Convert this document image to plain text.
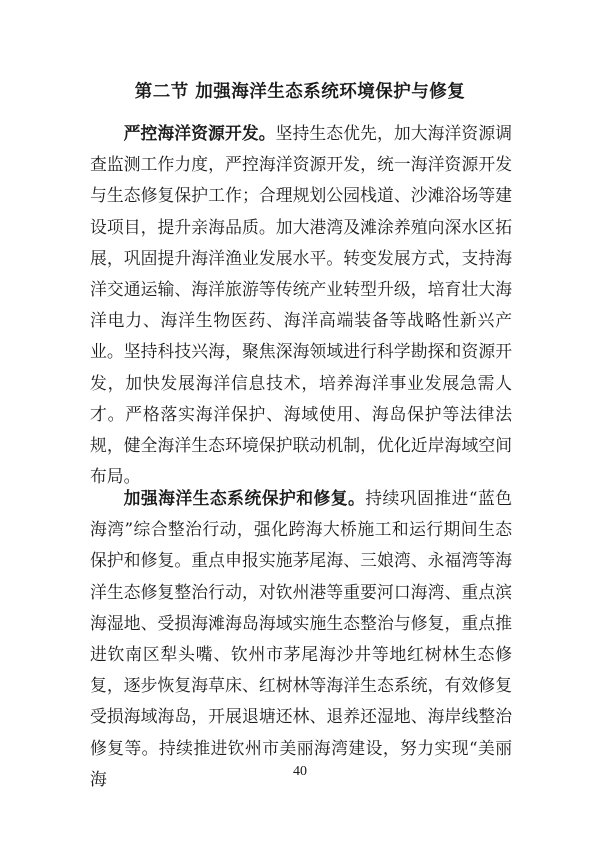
第二节 加强海洋生态系统环境保护与修复

严控海洋资源开发。坚持生态优先，加大海洋资源调查监测工作力度，严控海洋资源开发，统一海洋资源开发与生态修复保护工作；合理规划公园栈道、沙滩浴场等建设项目，提升亲海品质。加大港湾及滩涂养殖向深水区拓展，巩固提升海洋渔业发展水平。转变发展方式，支持海洋交通运输、海洋旅游等传统产业转型升级，培育壮大海洋电力、海洋生物医药、海洋高端装备等战略性新兴产业。坚持科技兴海，聚焦深海领域进行科学勘探和资源开发，加快发展海洋信息技术，培养海洋事业发展急需人才。严格落实海洋保护、海域使用、海岛保护等法律法规，健全海洋生态环境保护联动机制，优化近岸海域空间布局。

加强海洋生态系统保护和修复。持续巩固推进“蓝色海湾”综合整治行动，强化跨海大桥施工和运行期间生态保护和修复。重点申报实施茅尾海、三娘湾、永福湾等海洋生态修复整治行动，对钦州港等重要河口海湾、重点滨海湿地、受损海滩海岛海域实施生态整治与修复，重点推进钦南区犁头嘴、钦州市茅尾海沙井等地红树林生态修复，逐步恢复海草床、红树林等海洋生态系统，有效修复受损海域海岛，开展退塘还林、退养还湿地、海岸线整治修复等。持续推进钦州市美丽海湾建设，努力实现“美丽海	40
